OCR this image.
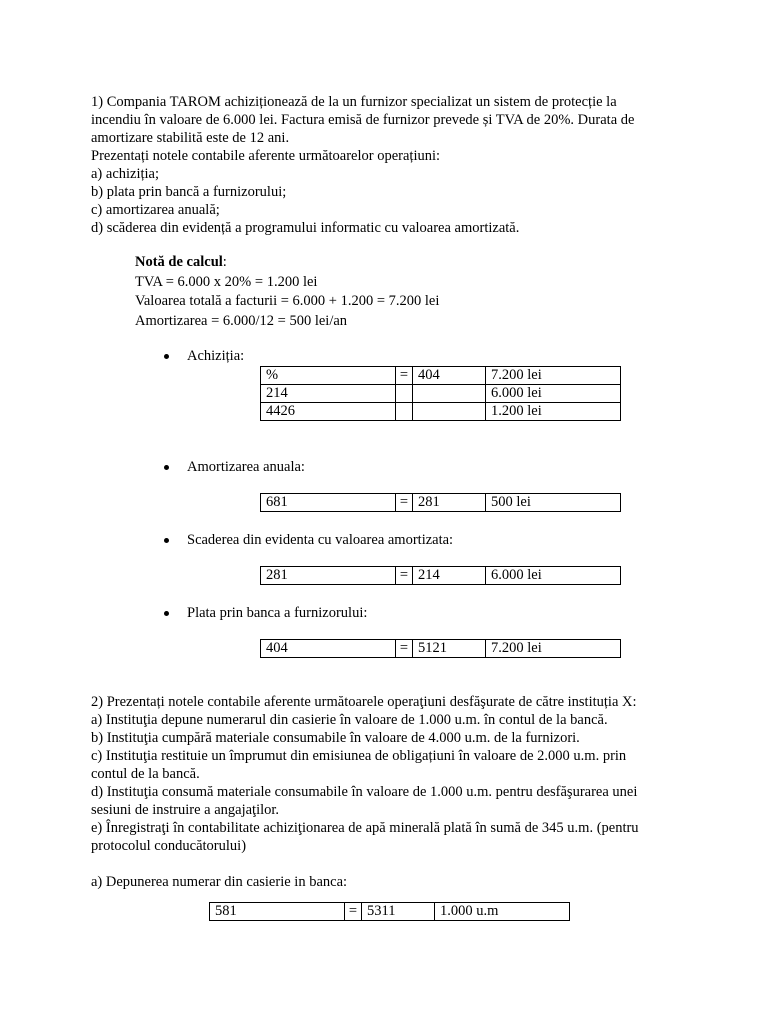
1) Compania TAROM achiziționează de la un furnizor specializat un sistem de protecție la
incendiu în valoare de 6.000 lei. Factura emisă de furnizor prevede și TVA de 20%. Durata de
amortizare stabilită este de 12 ani.
Prezentați notele contabile aferente următoarelor operațiuni:
a) achiziția;
b) plata prin bancă a furnizorului;
c) amortizarea anuală;
d) scăderea din evidență a programului informatic cu valoarea amortizată.
Notă de calcul:
TVA = 6.000 x 20% = 1.200 lei
Valoarea totală a facturii = 6.000 + 1.200 = 7.200 lei
Amortizarea = 6.000/12 = 500 lei/an
Achiziția:
%	=	404	7.200 lei
214			6.000 lei
4426			1.200 lei
Amortizarea anuala:
681	=	281	500 lei
Scaderea din evidenta cu valoarea amortizata:
281	=	214	6.000 lei
Plata prin banca a furnizorului:
404	=	5121	7.200 lei
2) Prezentați notele contabile aferente următoarele operaţiuni desfăşurate de către instituția X:
a) Instituţia depune numerarul din casierie în valoare de 1.000 u.m. în contul de la bancă.
b) Instituţia cumpără materiale consumabile în valoare de 4.000 u.m. de la furnizori.
c) Instituţia restituie un împrumut din emisiunea de obligațiuni în valoare de 2.000 u.m. prin
contul de la bancă.
d) Instituţia consumă materiale consumabile în valoare de 1.000 u.m. pentru desfăşurarea unei
sesiuni de instruire a angajaţilor.
e) Înregistraţi în contabilitate achiziţionarea de apă minerală plată în sumă de 345 u.m. (pentru
protocolul conducătorului)
a) Depunerea numerar din casierie in banca:
581	=	5311	1.000 u.m
